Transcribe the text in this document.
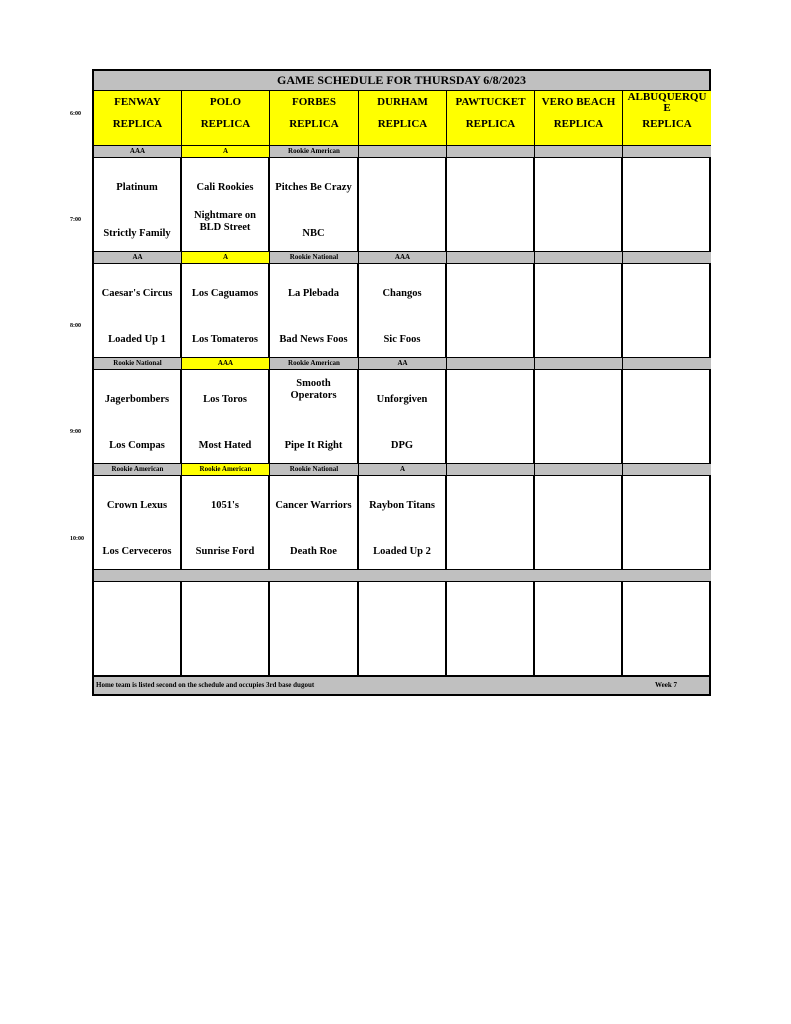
GAME SCHEDULE FOR THURSDAY 6/8/2023
Home team is listed second on the schedule and occupies 3rd base dugout	Week 7
FENWAY
REPLICA
POLO
REPLICA
FORBES
REPLICA
DURHAM
REPLICA
PAWTUCKET
REPLICA
VERO BEACH
REPLICA
ALBUQUERQU
E
REPLICA
AAA
Platinum
Strictly Family
A
Cali Rookies
Nightmare on BLD Street
Rookie American
Pitches Be Crazy
NBC
AA
Caesar's Circus
Loaded Up 1
A
Los Caguamos
Los Tomateros
Rookie National
La Plebada
Bad News Foos
AAA
Changos
Sic Foos
Rookie National
Jagerbombers
Los Compas
AAA
Los Toros
Most Hated
Rookie American
Smooth Operators
Pipe It Right
AA
Unforgiven
DPG
Rookie American
Crown Lexus
Los Cerveceros
Rookie American
1051's
Sunrise Ford
Rookie National
Cancer Warriors
Death Roe
A
Raybon Titans
Loaded Up 2
6:00
7:00
8:00
9:00
10:00
